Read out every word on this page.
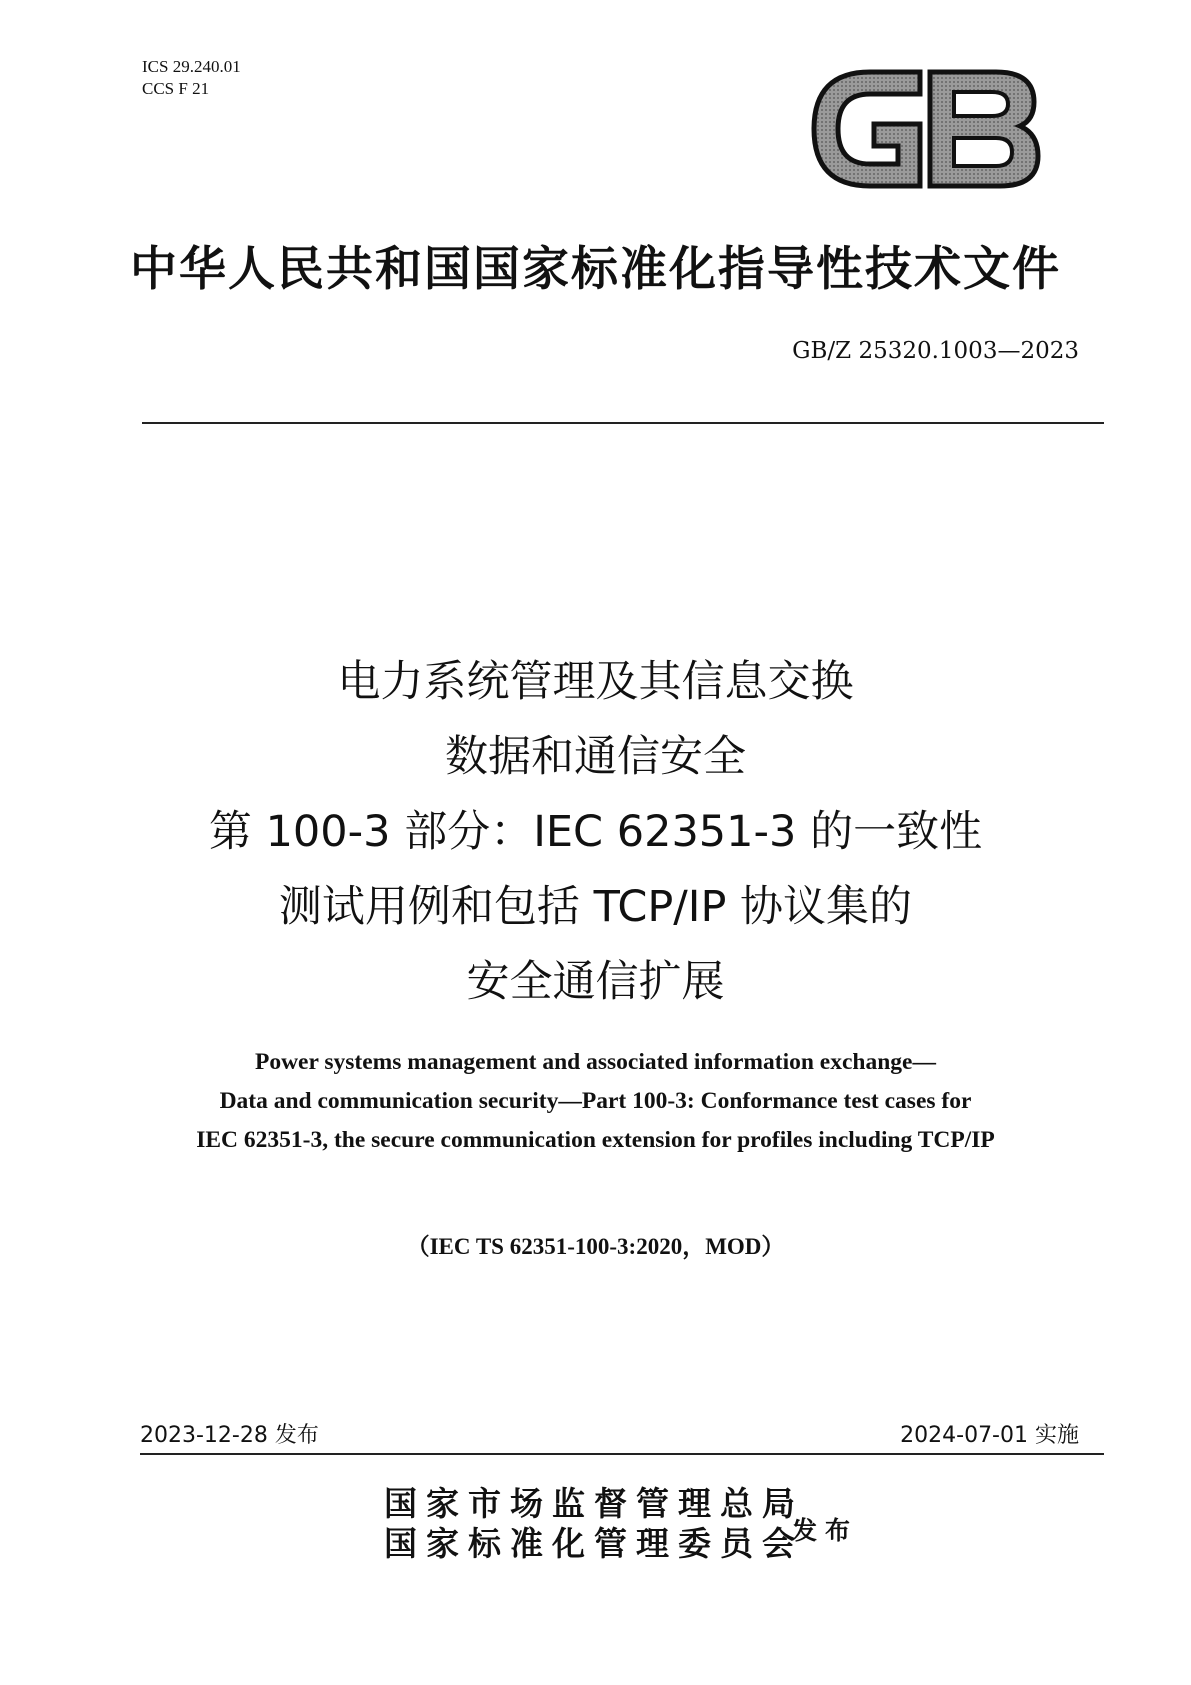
ICS 29.240.01
CCS F 21
中华人民共和国国家标准化指导性技术文件
GB/Z 25320.1003—2023
电力系统管理及其信息交换
数据和通信安全
第 100-3 部分：IEC 62351-3 的一致性
测试用例和包括 TCP/IP 协议集的
安全通信扩展
Power systems management and associated information exchange—
Data and communication security—Part 100-3: Conformance test cases for
IEC 62351-3, the secure communication extension for profiles including TCP/IP
（IEC TS 62351-100-3:2020，MOD）
2023-12-28 发布	2024-07-01 实施
国家市场监督管理总局
国家标准化管理委员会
发布
